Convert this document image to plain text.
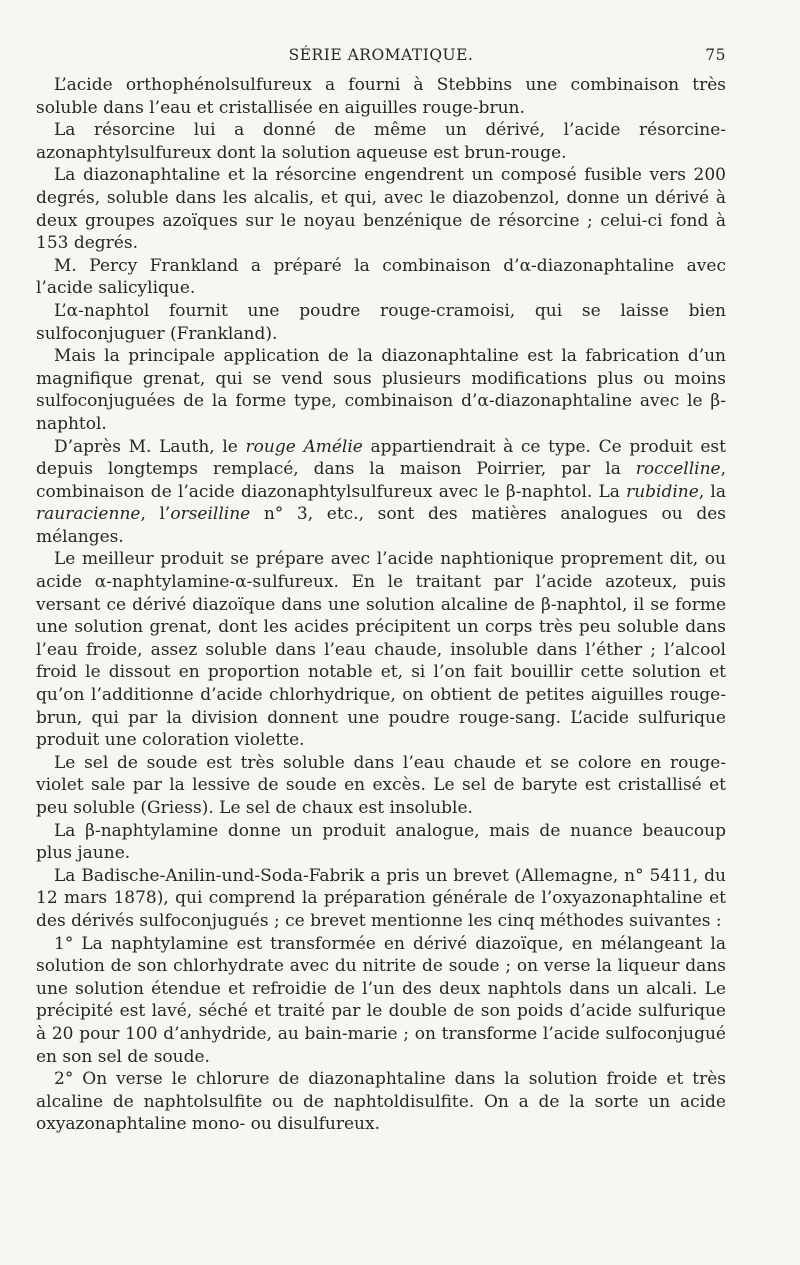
SÉRIE AROMATIQUE.	75

L’acide orthophénolsulfureux a fourni à Stebbins une combinaison très soluble dans l’eau et cristallisée en aiguilles rouge-brun.

La résorcine lui a donné de même un dérivé, l’acide résorcine-azonaphtylsulfureux dont la solution aqueuse est brun-rouge.

La diazonaphtaline et la résorcine engendrent un composé fusible vers 200 degrés, soluble dans les alcalis, et qui, avec le diazobenzol, donne un dérivé à deux groupes azoïques sur le noyau benzénique de résorcine ; celui-ci fond à 153 degrés.

M. Percy Frankland a préparé la combinaison d’α-diazonaphtaline avec l’acide salicylique.

L’α-naphtol fournit une poudre rouge-cramoisi, qui se laisse bien sulfoconjuguer (Frankland).

Mais la principale application de la diazonaphtaline est la fabrication d’un magnifique grenat, qui se vend sous plusieurs modifications plus ou moins sulfoconjuguées de la forme type, combinaison d’α-diazonaphtaline avec le β-naphtol.

D’après M. Lauth, le rouge Amélie appartiendrait à ce type. Ce produit est depuis longtemps remplacé, dans la maison Poirrier, par la roccelline, combinaison de l’acide diazonaphtylsulfureux avec le β-naphtol. La rubidine, la rauracienne, l’orseilline n° 3, etc., sont des matières analogues ou des mélanges.

Le meilleur produit se prépare avec l’acide naphtionique proprement dit, ou acide α-naphtylamine-α-sulfureux. En le traitant par l’acide azoteux, puis versant ce dérivé diazoïque dans une solution alcaline de β-naphtol, il se forme une solution grenat, dont les acides précipitent un corps très peu soluble dans l’eau froide, assez soluble dans l’eau chaude, insoluble dans l’éther ; l’alcool froid le dissout en proportion notable et, si l’on fait bouillir cette solution et qu’on l’additionne d’acide chlorhydrique, on obtient de petites aiguilles rouge-brun, qui par la division donnent une poudre rouge-sang. L’acide sulfurique produit une coloration violette.

Le sel de soude est très soluble dans l’eau chaude et se colore en rouge-violet sale par la lessive de soude en excès. Le sel de baryte est cristallisé et peu soluble (Griess). Le sel de chaux est insoluble.

La β-naphtylamine donne un produit analogue, mais de nuance beaucoup plus jaune.

La Badische-Anilin-und-Soda-Fabrik a pris un brevet (Allemagne, n° 5411, du 12 mars 1878), qui comprend la préparation générale de l’oxyazonaphtaline et des dérivés sulfoconjugués ; ce brevet mentionne les cinq méthodes suivantes :

1° La naphtylamine est transformée en dérivé diazoïque, en mélangeant la solution de son chlorhydrate avec du nitrite de soude ; on verse la liqueur dans une solution étendue et refroidie de l’un des deux naphtols dans un alcali. Le précipité est lavé, séché et traité par le double de son poids d’acide sulfurique à 20 pour 100 d’anhydride, au bain-marie ; on transforme l’acide sulfoconjugué en son sel de soude.

2° On verse le chlorure de diazonaphtaline dans la solution froide et très alcaline de naphtolsulfite ou de naphtoldisulfite. On a de la sorte un acide oxyazonaphtaline mono- ou disulfureux.
